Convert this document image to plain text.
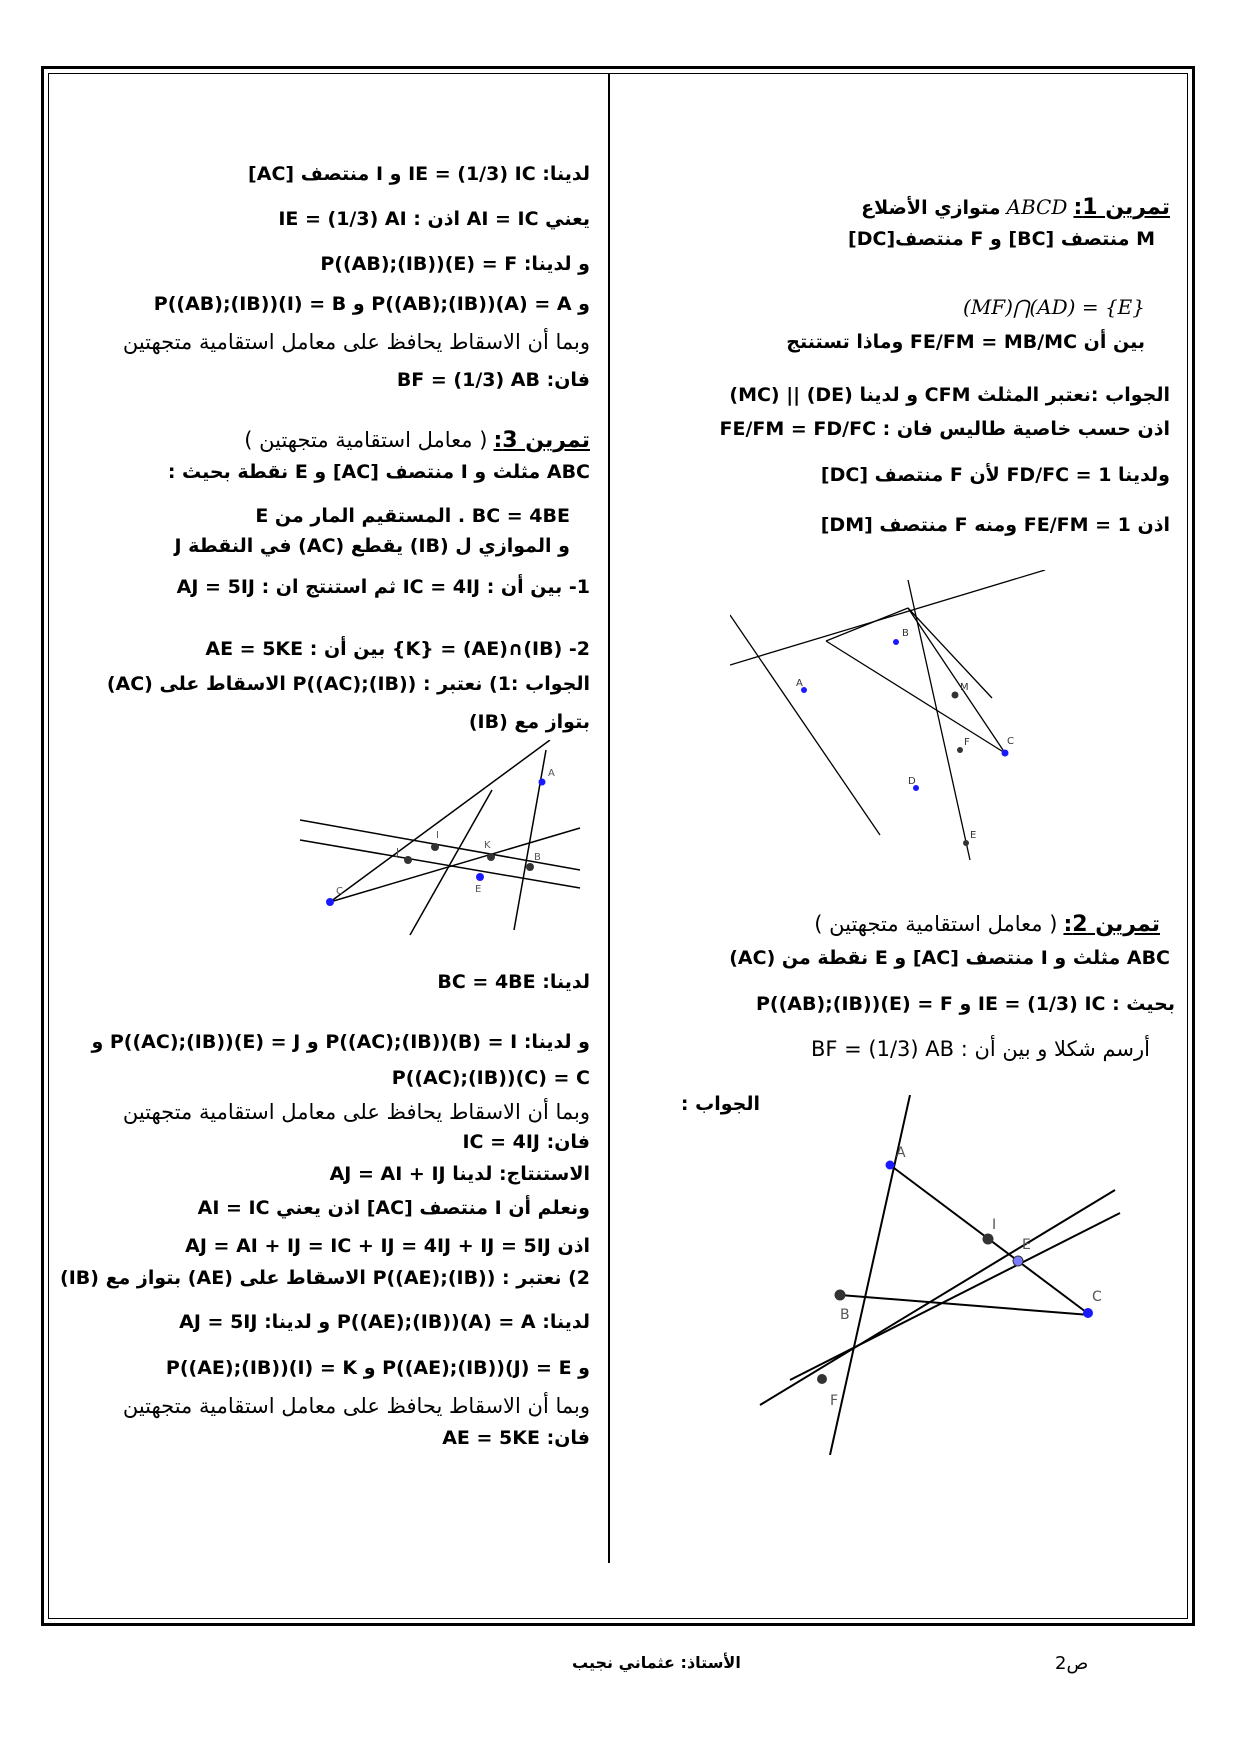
تمرين 1: ABCD متوازي الأضلاع
M منتصف [BC] و F منتصف[DC]
(MF)⋂(AD) = {E}
بين أن FE/FM = MB/MC وماذا تستنتج
الجواب :نعتبر المثلث CFM و لدينا (DE) || (MC)
اذن حسب خاصية طاليس فان : FE/FM = FD/FC
ولدينا FD/FC = 1 لأن F منتصف [DC]
اذن FE/FM = 1 ومنه F منتصف [DM]
A
B
M
C
F
D
E
تمرين 2: ( معامل استقامية متجهتين )
ABC مثلث و I منتصف [AC] و E نقطة من (AC)
بحيث : IE = (1/3) IC و P((AB);(IB))(E) = F
أرسم شكلا و بين أن : BF = (1/3) AB
الجواب :
A
I
E
C
B
F
لدينا: IE = (1/3) IC و I منتصف [AC]
يعني AI = IC اذن : IE = (1/3) AI
و لدينا: P((AB);(IB))(E) = F
و P((AB);(IB))(A) = A و P((AB);(IB))(I) = B
وبما أن الاسقاط يحافظ على معامل استقامية متجهتين
فان: BF = (1/3) AB
تمرين 3: ( معامل استقامية متجهتين )
ABC مثلث و I منتصف [AC] و E نقطة بحيث :
BC = 4BE . المستقيم المار من E
و الموازي ل (IB) يقطع (AC) في النقطة J
1- بين أن : IC = 4IJ ثم استنتج ان : AJ = 5IJ
2- (IB)∩(AE) = {K} بين أن : AE = 5KE
الجواب :1) نعتبر : P((AC);(IB)) الاسقاط على (AC)
بتواز مع (IB)
A
I
K
J	B
C	E
لدينا: BC = 4BE
و لدينا: P((AC);(IB))(B) = I و P((AC);(IB))(E) = J و
P((AC);(IB))(C) = C
وبما أن الاسقاط يحافظ على معامل استقامية متجهتين
فان: IC = 4IJ
الاستنتاج: لدينا AJ = AI + IJ
ونعلم أن I منتصف [AC] اذن يعني AI = IC
اذن AJ = AI + IJ = IC + IJ = 4IJ + IJ = 5IJ
2) نعتبر : P((AE);(IB)) الاسقاط على (AE) بتواز مع (IB)
لدينا: P((AE);(IB))(A) = A و لدينا: AJ = 5IJ
و P((AE);(IB))(J) = E و P((AE);(IB))(I) = K
وبما أن الاسقاط يحافظ على معامل استقامية متجهتين
فان: AE = 5KE
الأستاذ: عثماني نجيب	ص2
